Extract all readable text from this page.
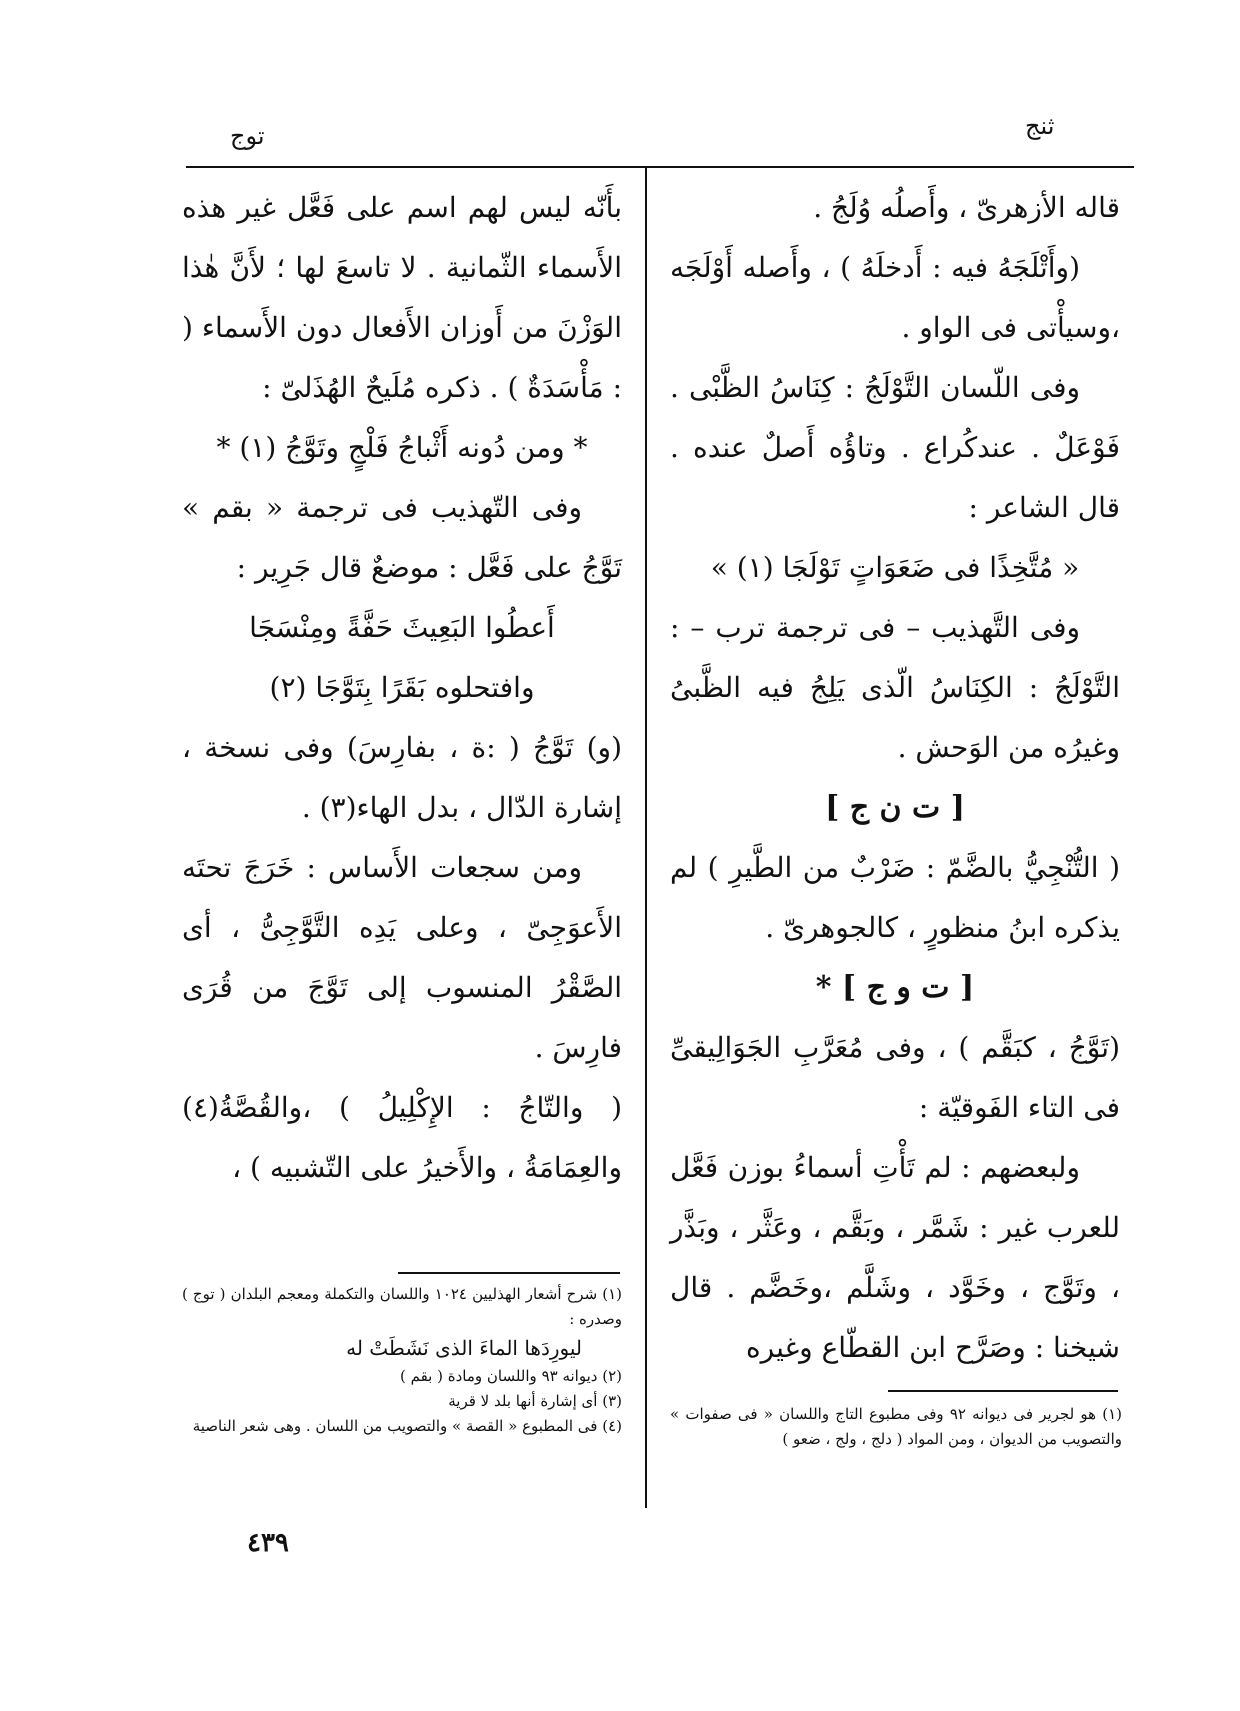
توج	ثنج

قاله الأزهرىّ ، وأَصلُه وُلَجُ .

(وأَتْلَجَهُ فيه : أَدخلَهُ ) ، وأَصله أَوْلَجَه ،وسيأْتى فى الواو .

وفى اللّسان التَّوْلَجُ : كِنَاسُ الظَّبْى . فَوْعَلٌ . عندكُراع . وتاؤُه أَصلٌ عنده . قال الشاعر :

« مُتَّخِذًا فى ضَعَوَاتٍ تَوْلَجَا (١) »

وفى التَّهذيب – فى ترجمة ترب – : التَّوْلَجُ : الكِنَاسُ الّذى يَلِجُ فيه الظَّبىُ وغيرُه من الوَحش .

[ ت ن ج ]

( التُّنْجِيُّ بالضَّمّ : ضَرْبٌ من الطَّيرِ ) لم يذكره ابنُ منظورٍ ، كالجوهرىّ .

[ ت و ج ] *

(تَوَّجُ ، كبَقَّم ) ، وفى مُعَرَّبِ الجَوَالِيقىِّ فى التاء الفَوقيّة :

ولبعضهم : لم تَأْتِ أسماءُ بوزن فَعَّل للعرب غير : شَمَّر ، وبَقَّم ، وعَثَّر ، وبَذَّر ، وتَوَّج ، وخَوَّد ، وشَلَّم ،وخَضَّم . قال شيخنا : وصَرَّح ابن القطّاع وغيره

بأَنّه ليس لهم اسم على فَعَّل غير هذه الأَسماء الثّمانية . لا تاسعَ لها ؛ لأَنَّ هٰذا الوَزْنَ من أَوزان الأَفعال دون الأَسماء ( : مَأْسَدَةٌ ) . ذكره مُلَيحٌ الهُذَلىّ :

* ومن دُونه أَثْباجُ فَلْجٍ وتَوَّجُ (١) *

وفى التّهذيب فى ترجمة « بقم » تَوَّجُ على فَعَّل : موضعٌ قال جَرِير :

أَعطُوا البَعِيثَ حَفَّةً ومِنْسَجَا

وافتحلوه بَقَرًا بِتَوَّجَا (٢)

(و) تَوَّجُ ( :ة ، بفارِسَ) وفى نسخة ، إشارة الدّال ، بدل الهاء(٣) .

ومن سجعات الأَساس : خَرَجَ تحتَه الأَعوَجِىّ ، وعلى يَدِه التَّوَّجِىُّ ، أى الصَّقْرُ المنسوب إلى تَوَّجَ من قُرَى فارِسَ .

( والتّاجُ : الإِكْلِيلُ ) ،والقُصَّةُ(٤) والعِمَامَةُ ، والأَخيرُ على التّشبيه ) ،

(١) شرح أشعار الهذليين ١٠٢٤ واللسان والتكملة ومعجم البلدان ( توج ) وصدره :

ليورِدَها الماءَ الذى نَشَطَتْ له

(٢) ديوانه ٩٣ واللسان ومادة ( بقم )

(٣) أى إشارة أنها بلد لا قرية

(٤) فى المطبوع « القصة » والتصويب من اللسان . وهى شعر الناصية

(١) هو لجرير فى ديوانه ٩٢ وفى مطبوع التاج واللسان « فى صفوات » والتصويب من الديوان ، ومن المواد ( دلج ، ولج ، ضعو )

٤٣٩
